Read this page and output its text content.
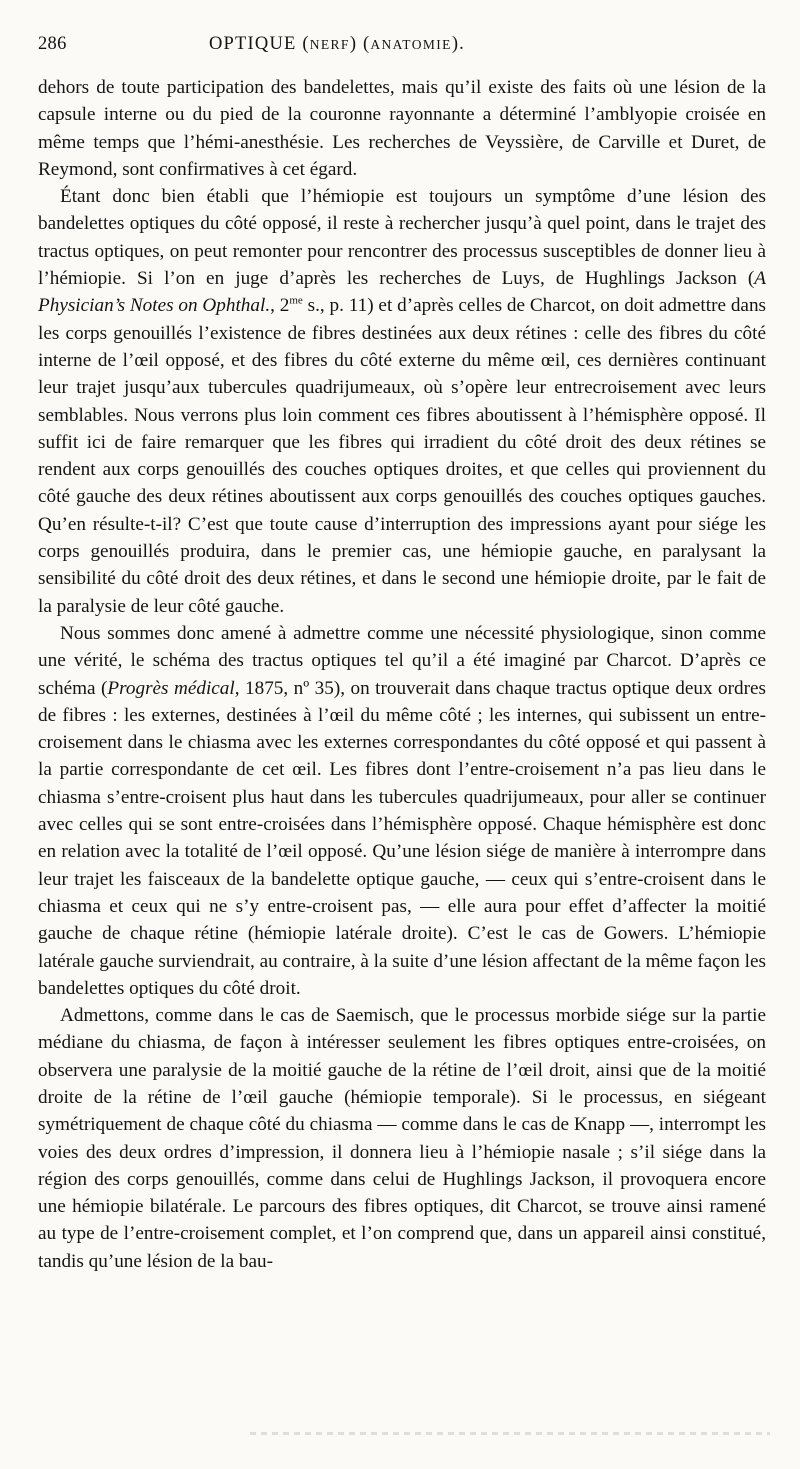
286	OPTIQUE (NERF) (ANATOMIE).

dehors de toute participation des bandelettes, mais qu’il existe des faits où une lésion de la capsule interne ou du pied de la couronne rayonnante a déterminé l’amblyopie croisée en même temps que l’hémi-anesthésie. Les recherches de Veyssière, de Carville et Duret, de Reymond, sont confirmatives à cet égard.

Étant donc bien établi que l’hémiopie est toujours un symptôme d’une lésion des bandelettes optiques du côté opposé, il reste à rechercher jusqu’à quel point, dans le trajet des tractus optiques, on peut remonter pour rencontrer des processus susceptibles de donner lieu à l’hémiopie. Si l’on en juge d’après les recherches de Luys, de Hughlings Jackson (A Physician’s Notes on Ophthal., $2^{me}$ s., p. 11) et d’après celles de Charcot, on doit admettre dans les corps genouillés l’existence de fibres destinées aux deux rétines : celle des fibres du côté interne de l’œil opposé, et des fibres du côté externe du même œil, ces dernières continuant leur trajet jusqu’aux tubercules quadrijumeaux, où s’opère leur entrecroisement avec leurs semblables. Nous verrons plus loin comment ces fibres aboutissent à l’hémisphère opposé. Il suffit ici de faire remarquer que les fibres qui irradient du côté droit des deux rétines se rendent aux corps genouillés des couches optiques droites, et que celles qui proviennent du côté gauche des deux rétines aboutissent aux corps genouillés des couches optiques gauches. Qu’en résulte-t-il? C’est que toute cause d’interruption des impressions ayant pour siége les corps genouillés produira, dans le premier cas, une hémiopie gauche, en paralysant la sensibilité du côté droit des deux rétines, et dans le second une hémiopie droite, par le fait de la paralysie de leur côté gauche.

Nous sommes donc amené à admettre comme une nécessité physiologique, sinon comme une vérité, le schéma des tractus optiques tel qu’il a été imaginé par Charcot. D’après ce schéma (Progrès médical, 1875, nº 35), on trouverait dans chaque tractus optique deux ordres de fibres : les externes, destinées à l’œil du même côté ; les internes, qui subissent un entre-croisement dans le chiasma avec les externes correspondantes du côté opposé et qui passent à la partie correspondante de cet œil. Les fibres dont l’entre-croisement n’a pas lieu dans le chiasma s’entre-croisent plus haut dans les tubercules quadrijumeaux, pour aller se continuer avec celles qui se sont entre-croisées dans l’hémisphère opposé. Chaque hémisphère est donc en relation avec la totalité de l’œil opposé. Qu’une lésion siége de manière à interrompre dans leur trajet les faisceaux de la bandelette optique gauche, — ceux qui s’entre-croisent dans le chiasma et ceux qui ne s’y entre-croisent pas, — elle aura pour effet d’affecter la moitié gauche de chaque rétine (hémiopie latérale droite). C’est le cas de Gowers. L’hémiopie latérale gauche surviendrait, au contraire, à la suite d’une lésion affectant de la même façon les bandelettes optiques du côté droit.

Admettons, comme dans le cas de Saemisch, que le processus morbide siége sur la partie médiane du chiasma, de façon à intéresser seulement les fibres optiques entre-croisées, on observera une paralysie de la moitié gauche de la rétine de l’œil droit, ainsi que de la moitié droite de la rétine de l’œil gauche (hémiopie temporale). Si le processus, en siégeant symétriquement de chaque côté du chiasma — comme dans le cas de Knapp —, interrompt les voies des deux ordres d’impression, il donnera lieu à l’hémiopie nasale ; s’il siége dans la région des corps genouillés, comme dans celui de Hughlings Jackson, il provoquera encore une hémiopie bilatérale. Le parcours des fibres optiques, dit Charcot, se trouve ainsi ramené au type de l’entre-croisement complet, et l’on comprend que, dans un appareil ainsi constitué, tandis qu’une lésion de la bau-
